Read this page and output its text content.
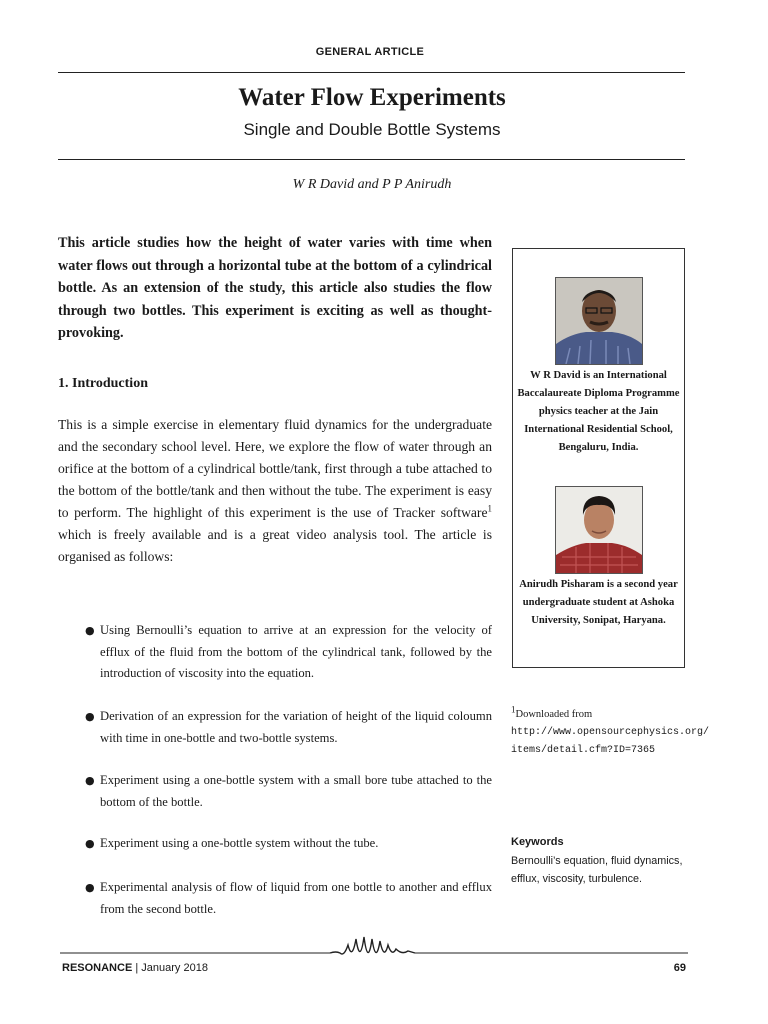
GENERAL ARTICLE
Water Flow Experiments
Single and Double Bottle Systems
W R David and P P Anirudh
This article studies how the height of water varies with time when water flows out through a horizontal tube at the bottom of a cylindrical bottle. As an extension of the study, this article also studies the flow through two bottles. This experiment is exciting as well as thought-provoking.
1. Introduction
This is a simple exercise in elementary fluid dynamics for the undergraduate and the secondary school level. Here, we explore the flow of water through an orifice at the bottom of a cylindrical bottle/tank, first through a tube attached to the bottom of the bottle/tank and then without the tube. The experiment is easy to perform. The highlight of this experiment is the use of Tracker software$^1$ which is freely available and is a great video analysis tool. The article is organised as follows:
● Using Bernoulli’s equation to arrive at an expression for the velocity of efflux of the fluid from the bottom of the cylindrical tank, followed by the introduction of viscosity into the equation.
● Derivation of an expression for the variation of height of the liquid coloumn with time in one-bottle and two-bottle systems.
● Experiment using a one-bottle system with a small bore tube attached to the bottom of the bottle.
● Experiment using a one-bottle system without the tube.
● Experimental analysis of flow of liquid from one bottle to another and efflux from the second bottle.
W R David is an International Baccalaureate Diploma Programme physics teacher at the Jain International Residential School, Bengaluru, India.
Anirudh Pisharam is a second year undergraduate student at Ashoka University, Sonipat, Haryana.
$^1$Downloaded from
http://www.opensourcephysics.org/
items/detail.cfm?ID=7365
Keywords
Bernoulli’s equation, fluid dynamics, efflux, viscosity, turbulence.
RESONANCE | January 2018	69
